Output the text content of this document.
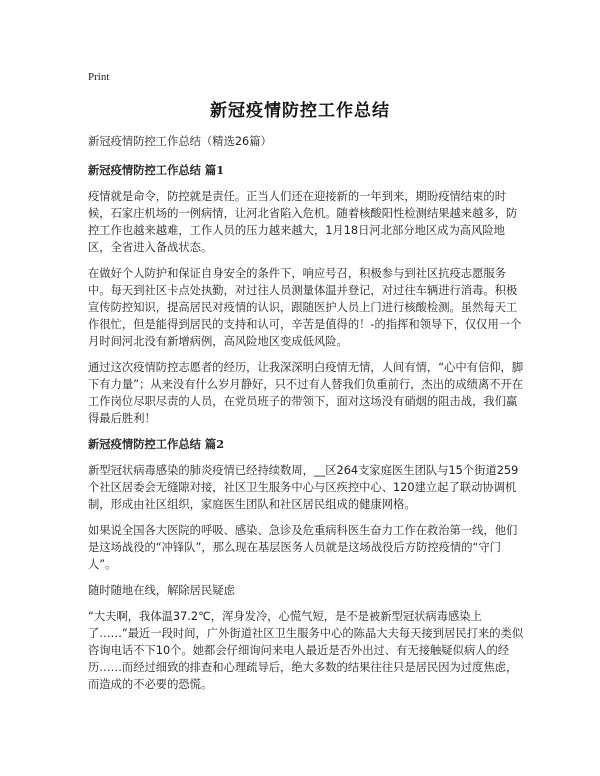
Print
新冠疫情防控工作总结

新冠疫情防控工作总结（精选26篇）

新冠疫情防控工作总结 篇1

疫情就是命令，防控就是责任。正当人们还在迎接新的一年到来，期盼疫情结束的时候，石家庄机场的一例病情，让河北省陷入危机。随着核酸阳性检测结果越来越多，防控工作也越来越难，工作人员的压力越来越大，1月18日河北部分地区成为高风险地区，全省进入备战状态。

在做好个人防护和保证自身安全的条件下，响应号召，积极参与到社区抗疫志愿服务中。每天到社区卡点处执勤，对过往人员测量体温并登记，对过往车辆进行消毒。积极宣传防控知识，提高居民对疫情的认识，跟随医护人员上门进行核酸检测。虽然每天工作很忙，但是能得到居民的支持和认可，辛苦是值得的！-的指挥和领导下，仅仅用一个月时间河北没有新增病例，高风险地区变成低风险。

通过这次疫情防控志愿者的经历，让我深深明白疫情无情，人间有情，“心中有信仰，脚下有力量”；从来没有什么岁月静好，只不过有人替我们负重前行，杰出的成绩离不开在工作岗位尽职尽责的人员，在党员班子的带领下，面对这场没有硝烟的阻击战，我们赢得最后胜利！

新冠疫情防控工作总结 篇2

新型冠状病毒感染的肺炎疫情已经持续数周，__区264支家庭医生团队与15个街道259个社区居委会无缝隙对接，社区卫生服务中心与区疾控中心、120建立起了联动协调机制，形成由社区组织，家庭医生团队和社区居民组成的健康网格。

如果说全国各大医院的呼吸、感染、急诊及危重病科医生奋力工作在救治第一线，他们是这场战役的“冲锋队”，那么现在基层医务人员就是这场战役后方防控疫情的“守门人”。

随时随地在线，解除居民疑虑

“大夫啊，我体温37.2℃，浑身发冷，心慌气短，是不是被新型冠状病毒感染上了……”最近一段时间，广外街道社区卫生服务中心的陈晶大夫每天接到居民打来的类似咨询电话不下10个。她都会仔细询问来电人最近是否外出过、有无接触疑似病人的经历……而经过细致的排查和心理疏导后，绝大多数的结果往往只是居民因为过度焦虑，而造成的不必要的恐慌。
